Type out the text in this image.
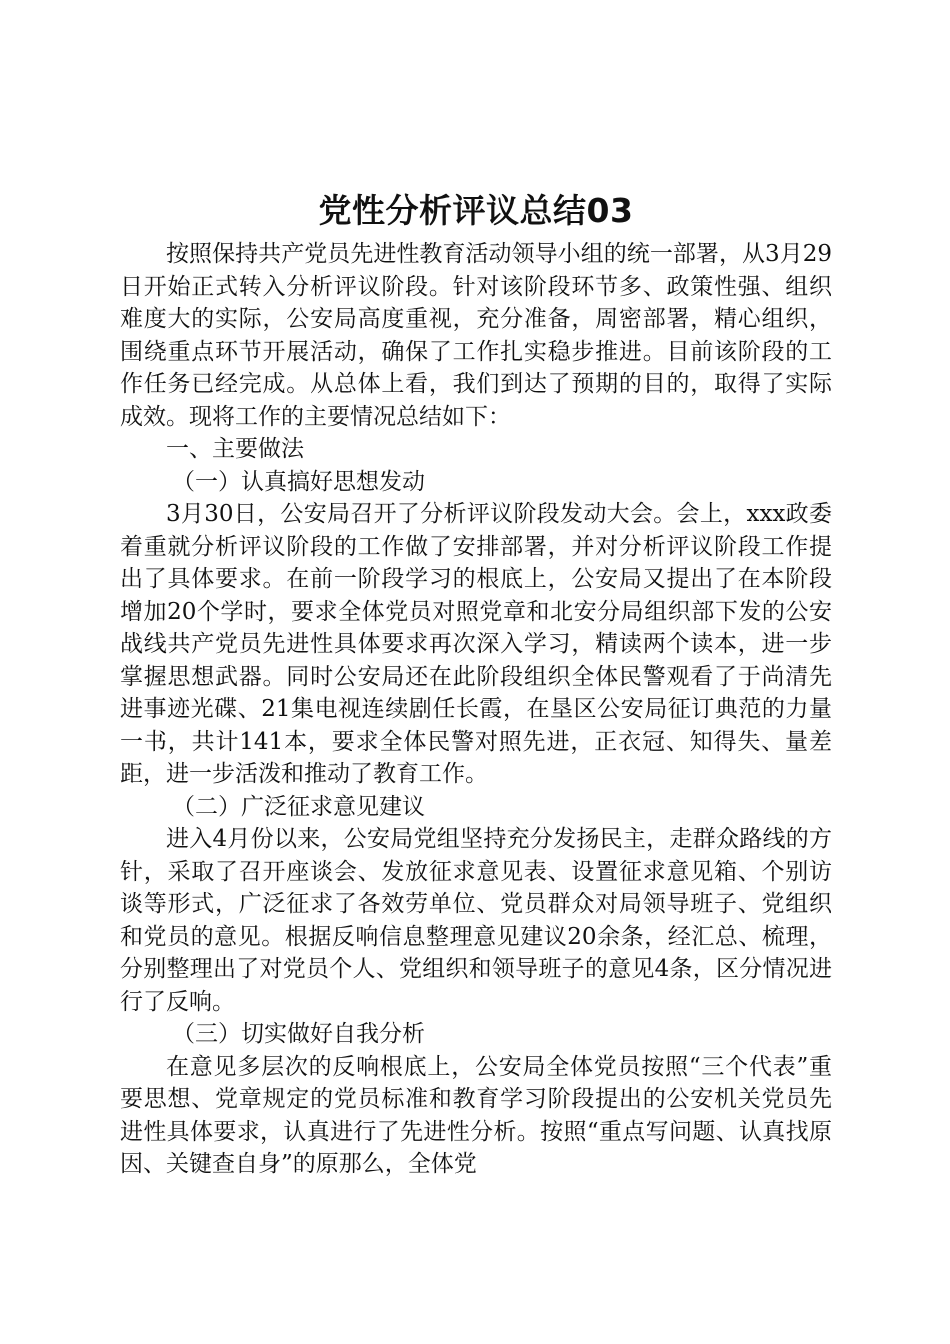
党性分析评议总结03

按照保持共产党员先进性教育活动领导小组的统一部署，从3月29日开始正式转入分析评议阶段。针对该阶段环节多、政策性强、组织难度大的实际，公安局高度重视，充分准备，周密部署，精心组织，围绕重点环节开展活动，确保了工作扎实稳步推进。目前该阶段的工作任务已经完成。从总体上看，我们到达了预期的目的，取得了实际成效。现将工作的主要情况总结如下：

一、主要做法

（一）认真搞好思想发动

3月30日，公安局召开了分析评议阶段发动大会。会上，xxx政委着重就分析评议阶段的工作做了安排部署，并对分析评议阶段工作提出了具体要求。在前一阶段学习的根底上，公安局又提出了在本阶段增加20个学时，要求全体党员对照党章和北安分局组织部下发的公安战线共产党员先进性具体要求再次深入学习，精读两个读本，进一步掌握思想武器。同时公安局还在此阶段组织全体民警观看了于尚清先进事迹光碟、21集电视连续剧任长霞，在垦区公安局征订典范的力量一书，共计141本，要求全体民警对照先进，正衣冠、知得失、量差距，进一步活泼和推动了教育工作。

（二）广泛征求意见建议

进入4月份以来，公安局党组坚持充分发扬民主，走群众路线的方针，采取了召开座谈会、发放征求意见表、设置征求意见箱、个别访谈等形式，广泛征求了各效劳单位、党员群众对局领导班子、党组织和党员的意见。根据反响信息整理意见建议20余条，经汇总、梳理，分别整理出了对党员个人、党组织和领导班子的意见4条，区分情况进行了反响。

（三）切实做好自我分析

在意见多层次的反响根底上，公安局全体党员按照“三个代表”重要思想、党章规定的党员标准和教育学习阶段提出的公安机关党员先进性具体要求，认真进行了先进性分析。按照“重点写问题、认真找原因、关键查自身”的原那么，全体党
